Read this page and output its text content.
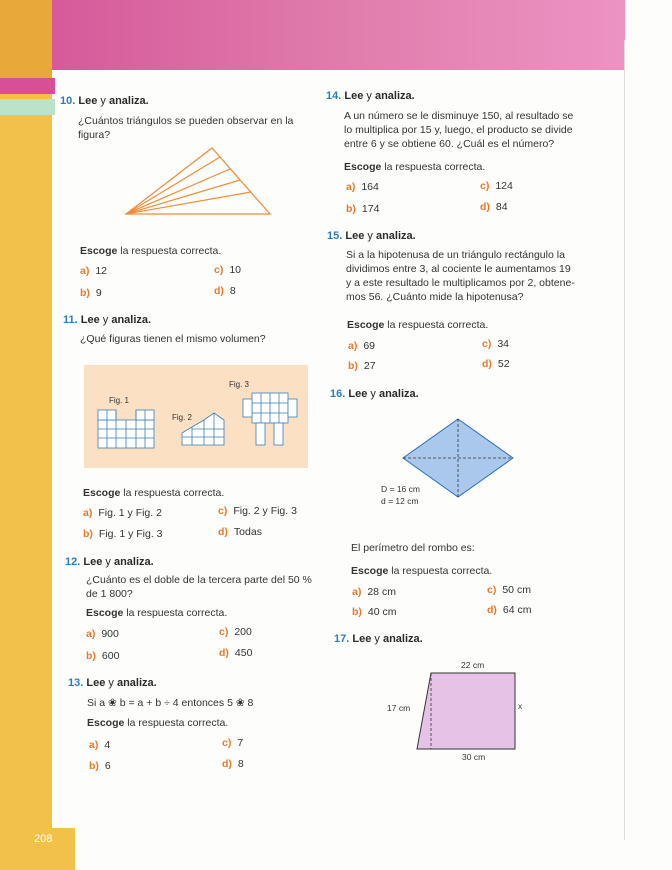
208
10. Lee y analiza.
¿Cuántos triángulos se pueden observar en la figura?
Escoge la respuesta correcta.
a) 12
b) 9
c) 10
d) 8
11. Lee y analiza.
¿Qué figuras tienen el mismo volumen?
Fig. 1
Fig. 2
Fig. 3
Escoge la respuesta correcta.
a) Fig. 1 y Fig. 2
b) Fig. 1 y Fig. 3
c) Fig. 2 y Fig. 3
d) Todas
12. Lee y analiza.
¿Cuánto es el doble de la tercera parte del 50 % de 1 800?
Escoge la respuesta correcta.
a) 900
b) 600
c) 200
d) 450
13. Lee y analiza.
Si a ❀ b = a + b ÷ 4 entonces 5 ❀ 8
Escoge la respuesta correcta.
a) 4
b) 6
c) 7
d) 8
14. Lee y analiza.
A un número se le disminuye 150, al resultado se
lo multiplica por 15 y, luego, el producto se divide
entre 6 y se obtiene 60. ¿Cuál es el número?
Escoge la respuesta correcta.
a) 164
b) 174
c) 124
d) 84
15. Lee y analiza.
Si a la hipotenusa de un triángulo rectángulo la
dividimos entre 3, al cociente le aumentamos 19
y a este resultado le multiplicamos por 2, obtene-
mos 56. ¿Cuánto mide la hipotenusa?
Escoge la respuesta correcta.
a) 69
b) 27
c) 34
d) 52
16. Lee y analiza.
D = 16 cm
d = 12 cm
El perímetro del rombo es:
Escoge la respuesta correcta.
a) 28 cm
b) 40 cm
c) 50 cm
d) 64 cm
17. Lee y analiza.
22 cm
17 cm	x
30 cm
